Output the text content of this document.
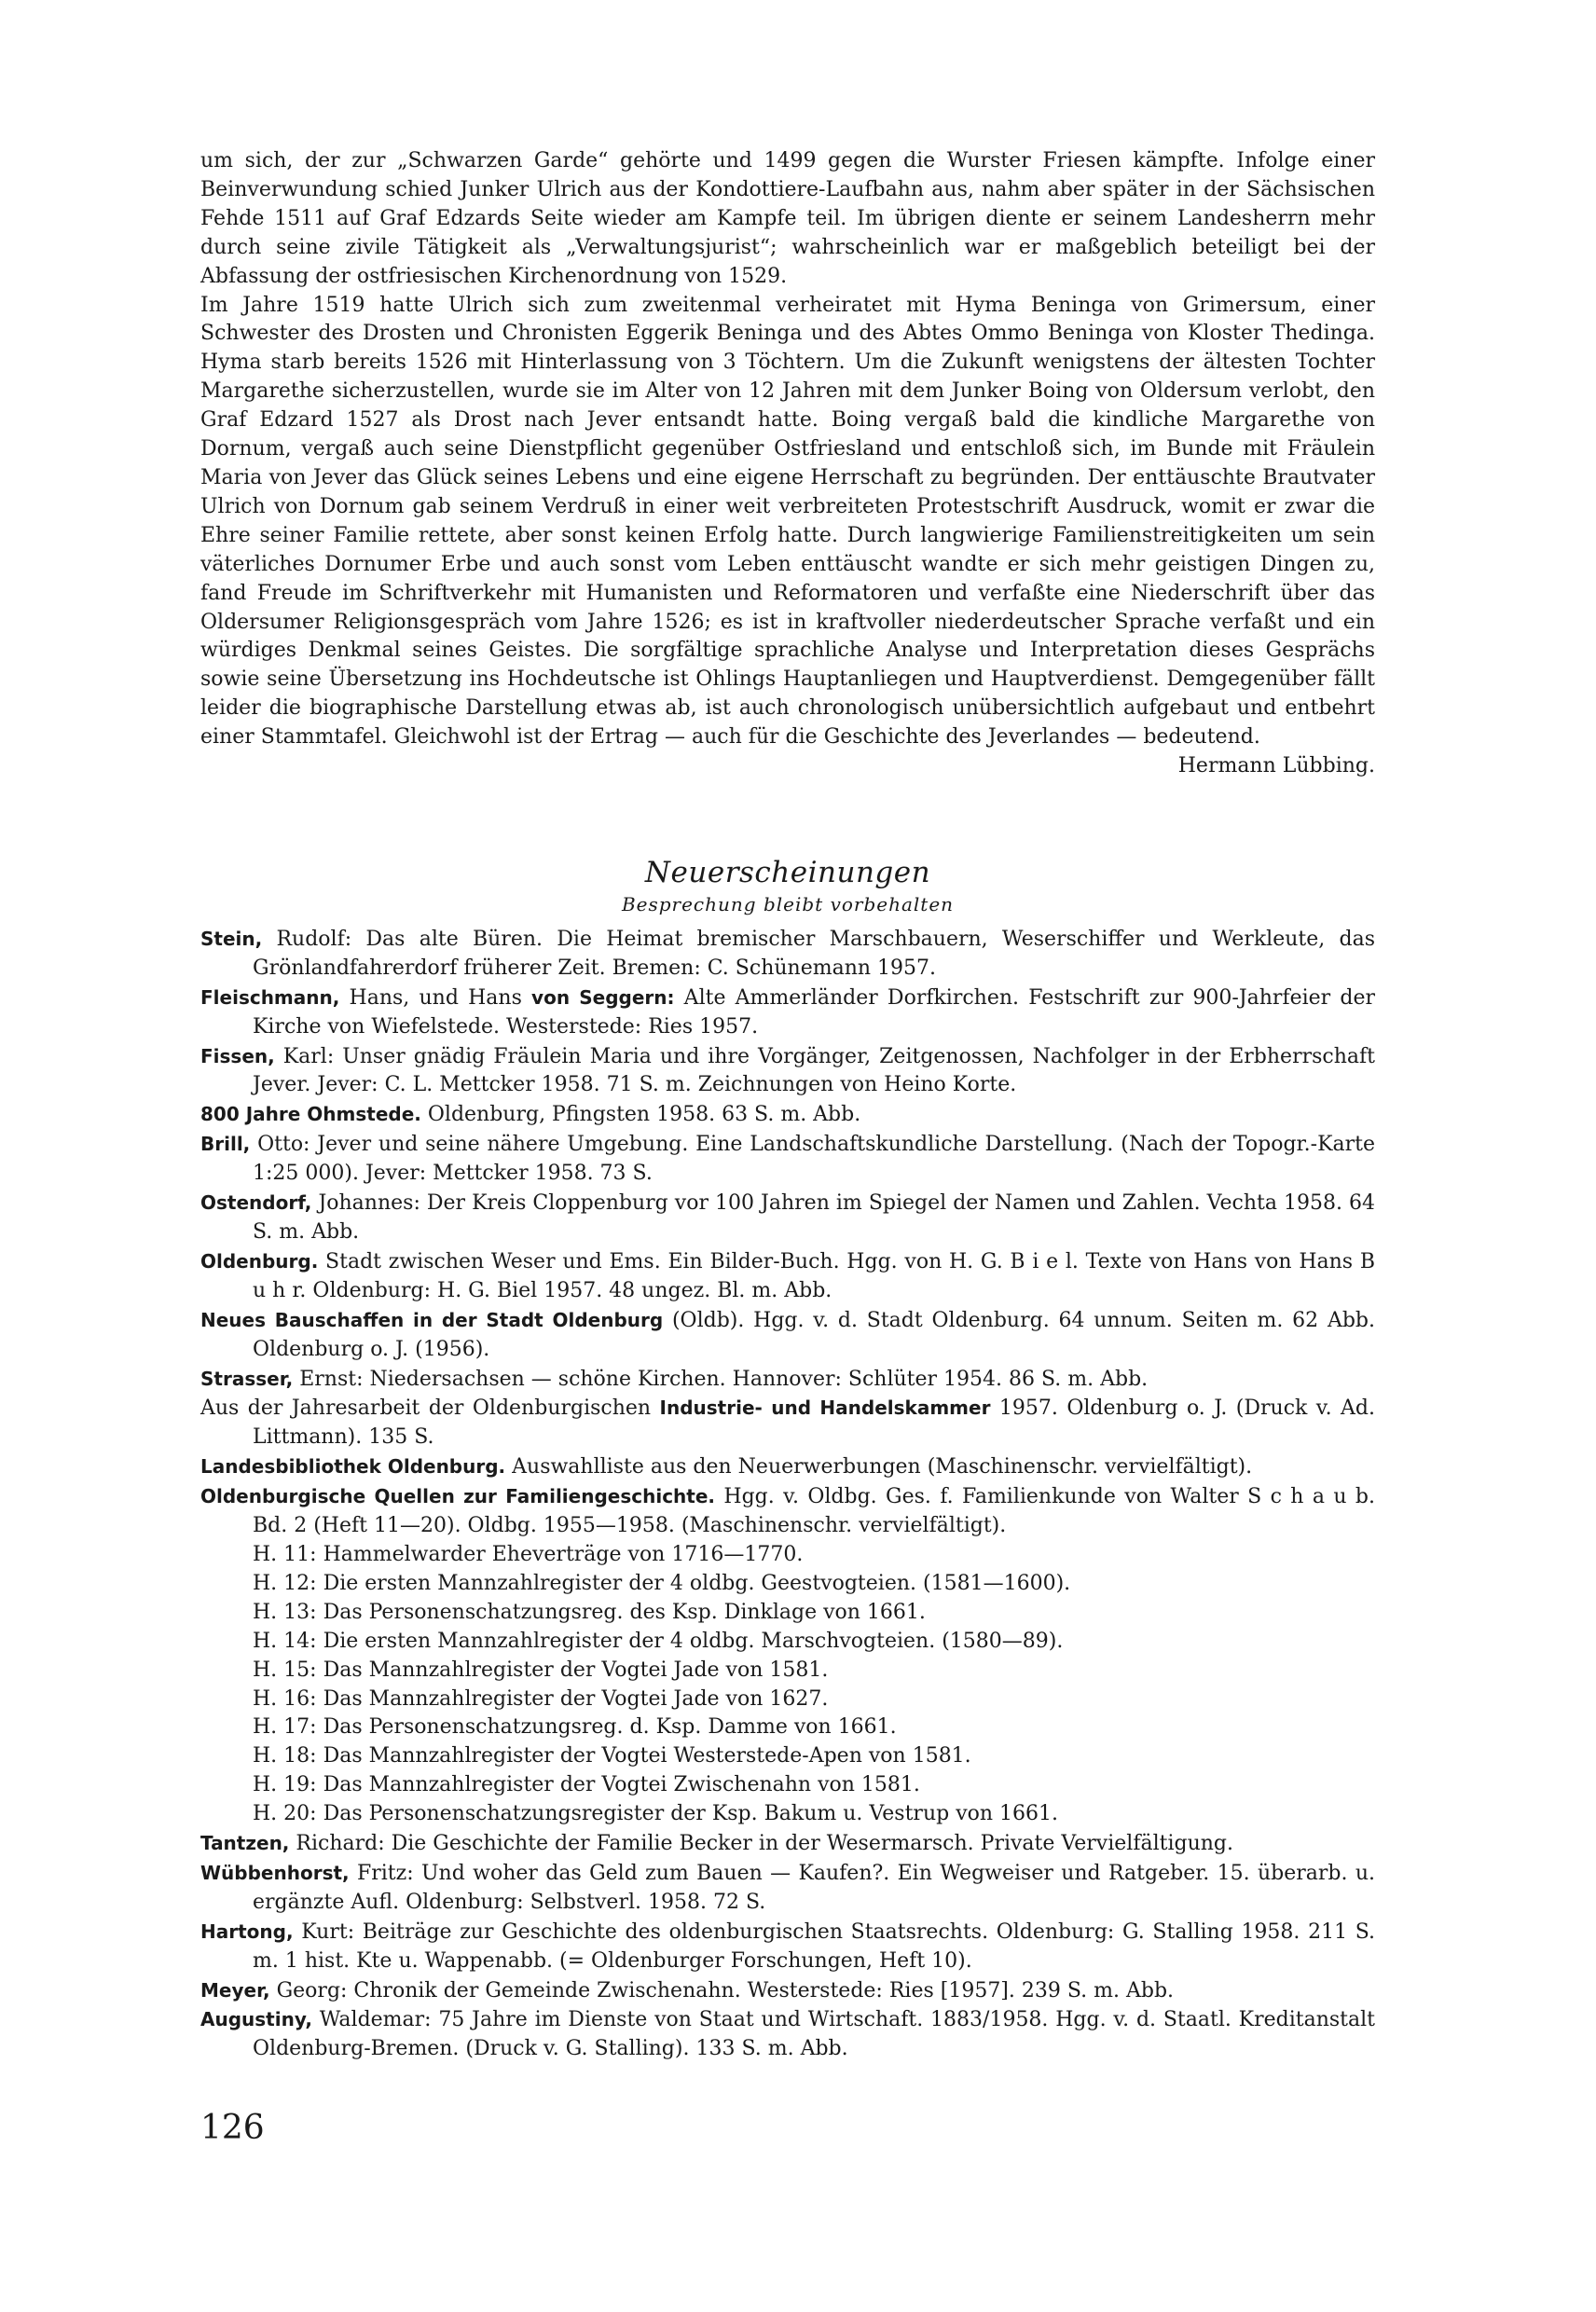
um sich, der zur „Schwarzen Garde“ gehörte und 1499 gegen die Wurster Friesen kämpfte. Infolge einer Beinverwundung schied Junker Ulrich aus der Kondottiere-Laufbahn aus, nahm aber später in der Sächsischen Fehde 1511 auf Graf Edzards Seite wieder am Kampfe teil. Im übrigen diente er seinem Landesherrn mehr durch seine zivile Tätigkeit als „Verwaltungsjurist“; wahrscheinlich war er maßgeblich beteiligt bei der Abfassung der ostfriesischen Kirchenordnung von 1529.

Im Jahre 1519 hatte Ulrich sich zum zweitenmal verheiratet mit Hyma Beninga von Grimersum, einer Schwester des Drosten und Chronisten Eggerik Beninga und des Abtes Ommo Beninga von Kloster Thedinga. Hyma starb bereits 1526 mit Hinterlassung von 3 Töchtern. Um die Zukunft wenigstens der ältesten Tochter Margarethe sicherzustellen, wurde sie im Alter von 12 Jahren mit dem Junker Boing von Oldersum verlobt, den Graf Edzard 1527 als Drost nach Jever entsandt hatte. Boing vergaß bald die kindliche Margarethe von Dornum, vergaß auch seine Dienstpflicht gegenüber Ostfriesland und entschloß sich, im Bunde mit Fräulein Maria von Jever das Glück seines Lebens und eine eigene Herrschaft zu begründen. Der enttäuschte Brautvater Ulrich von Dornum gab seinem Verdruß in einer weit verbreiteten Protestschrift Ausdruck, womit er zwar die Ehre seiner Familie rettete, aber sonst keinen Erfolg hatte. Durch langwierige Familienstreitigkeiten um sein väterliches Dornumer Erbe und auch sonst vom Leben enttäuscht wandte er sich mehr geistigen Dingen zu, fand Freude im Schriftverkehr mit Humanisten und Reformatoren und verfaßte eine Niederschrift über das Oldersumer Religionsgespräch vom Jahre 1526; es ist in kraftvoller niederdeutscher Sprache verfaßt und ein würdiges Denkmal seines Geistes. Die sorgfältige sprachliche Analyse und Interpretation dieses Gesprächs sowie seine Übersetzung ins Hochdeutsche ist Ohlings Hauptanliegen und Hauptverdienst. Demgegenüber fällt leider die biographische Darstellung etwas ab, ist auch chronologisch unübersichtlich aufgebaut und entbehrt einer Stammtafel. Gleichwohl ist der Ertrag — auch für die Geschichte des Jeverlandes — bedeutend.
Hermann Lübbing.

Neuerscheinungen
Besprechung bleibt vorbehalten
Stein, Rudolf: Das alte Büren. Die Heimat bremischer Marschbauern, Weserschiffer und Werkleute, das Grönlandfahrerdorf früherer Zeit. Bremen: C. Schünemann 1957.
Fleischmann, Hans, und Hans von Seggern: Alte Ammerländer Dorfkirchen. Festschrift zur 900-Jahrfeier der Kirche von Wiefelstede. Westerstede: Ries 1957.
Fissen, Karl: Unser gnädig Fräulein Maria und ihre Vorgänger, Zeitgenossen, Nachfolger in der Erbherrschaft Jever. Jever: C. L. Mettcker 1958. 71 S. m. Zeichnungen von Heino Korte.
800 Jahre Ohmstede. Oldenburg, Pfingsten 1958. 63 S. m. Abb.
Brill, Otto: Jever und seine nähere Umgebung. Eine Landschaftskundliche Darstellung. (Nach der Topogr.-Karte 1:25 000). Jever: Mettcker 1958. 73 S.
Ostendorf, Johannes: Der Kreis Cloppenburg vor 100 Jahren im Spiegel der Namen und Zahlen. Vechta 1958. 64 S. m. Abb.
Oldenburg. Stadt zwischen Weser und Ems. Ein Bilder-Buch. Hgg. von H. G. B i e l. Texte von Hans von Hans B u h r. Oldenburg: H. G. Biel 1957. 48 ungez. Bl. m. Abb.
Neues Bauschaffen in der Stadt Oldenburg (Oldb). Hgg. v. d. Stadt Oldenburg. 64 unnum. Seiten m. 62 Abb. Oldenburg o. J. (1956).
Strasser, Ernst: Niedersachsen — schöne Kirchen. Hannover: Schlüter 1954. 86 S. m. Abb.
Aus der Jahresarbeit der Oldenburgischen Industrie- und Handelskammer 1957. Oldenburg o. J. (Druck v. Ad. Littmann). 135 S.
Landesbibliothek Oldenburg. Auswahlliste aus den Neuerwerbungen (Maschinenschr. vervielfältigt).
Oldenburgische Quellen zur Familiengeschichte. Hgg. v. Oldbg. Ges. f. Familienkunde von Walter S c h a u b. Bd. 2 (Heft 11—20). Oldbg. 1955—1958. (Maschinenschr. vervielfältigt).
H. 11: Hammelwarder Eheverträge von 1716—1770.
H. 12: Die ersten Mannzahlregister der 4 oldbg. Geestvogteien. (1581—1600).
H. 13: Das Personenschatzungsreg. des Ksp. Dinklage von 1661.
H. 14: Die ersten Mannzahlregister der 4 oldbg. Marschvogteien. (1580—89).
H. 15: Das Mannzahlregister der Vogtei Jade von 1581.
H. 16: Das Mannzahlregister der Vogtei Jade von 1627.
H. 17: Das Personenschatzungsreg. d. Ksp. Damme von 1661.
H. 18: Das Mannzahlregister der Vogtei Westerstede-Apen von 1581.
H. 19: Das Mannzahlregister der Vogtei Zwischenahn von 1581.
H. 20: Das Personenschatzungsregister der Ksp. Bakum u. Vestrup von 1661.
Tantzen, Richard: Die Geschichte der Familie Becker in der Wesermarsch. Private Vervielfältigung.
Wübbenhorst, Fritz: Und woher das Geld zum Bauen — Kaufen?. Ein Wegweiser und Ratgeber. 15. überarb. u. ergänzte Aufl. Oldenburg: Selbstverl. 1958. 72 S.
Hartong, Kurt: Beiträge zur Geschichte des oldenburgischen Staatsrechts. Oldenburg: G. Stalling 1958. 211 S. m. 1 hist. Kte u. Wappenabb. (= Oldenburger Forschungen, Heft 10).
Meyer, Georg: Chronik der Gemeinde Zwischenahn. Westerstede: Ries [1957]. 239 S. m. Abb.
Augustiny, Waldemar: 75 Jahre im Dienste von Staat und Wirtschaft. 1883/1958. Hgg. v. d. Staatl. Kreditanstalt Oldenburg-Bremen. (Druck v. G. Stalling). 133 S. m. Abb.
126
